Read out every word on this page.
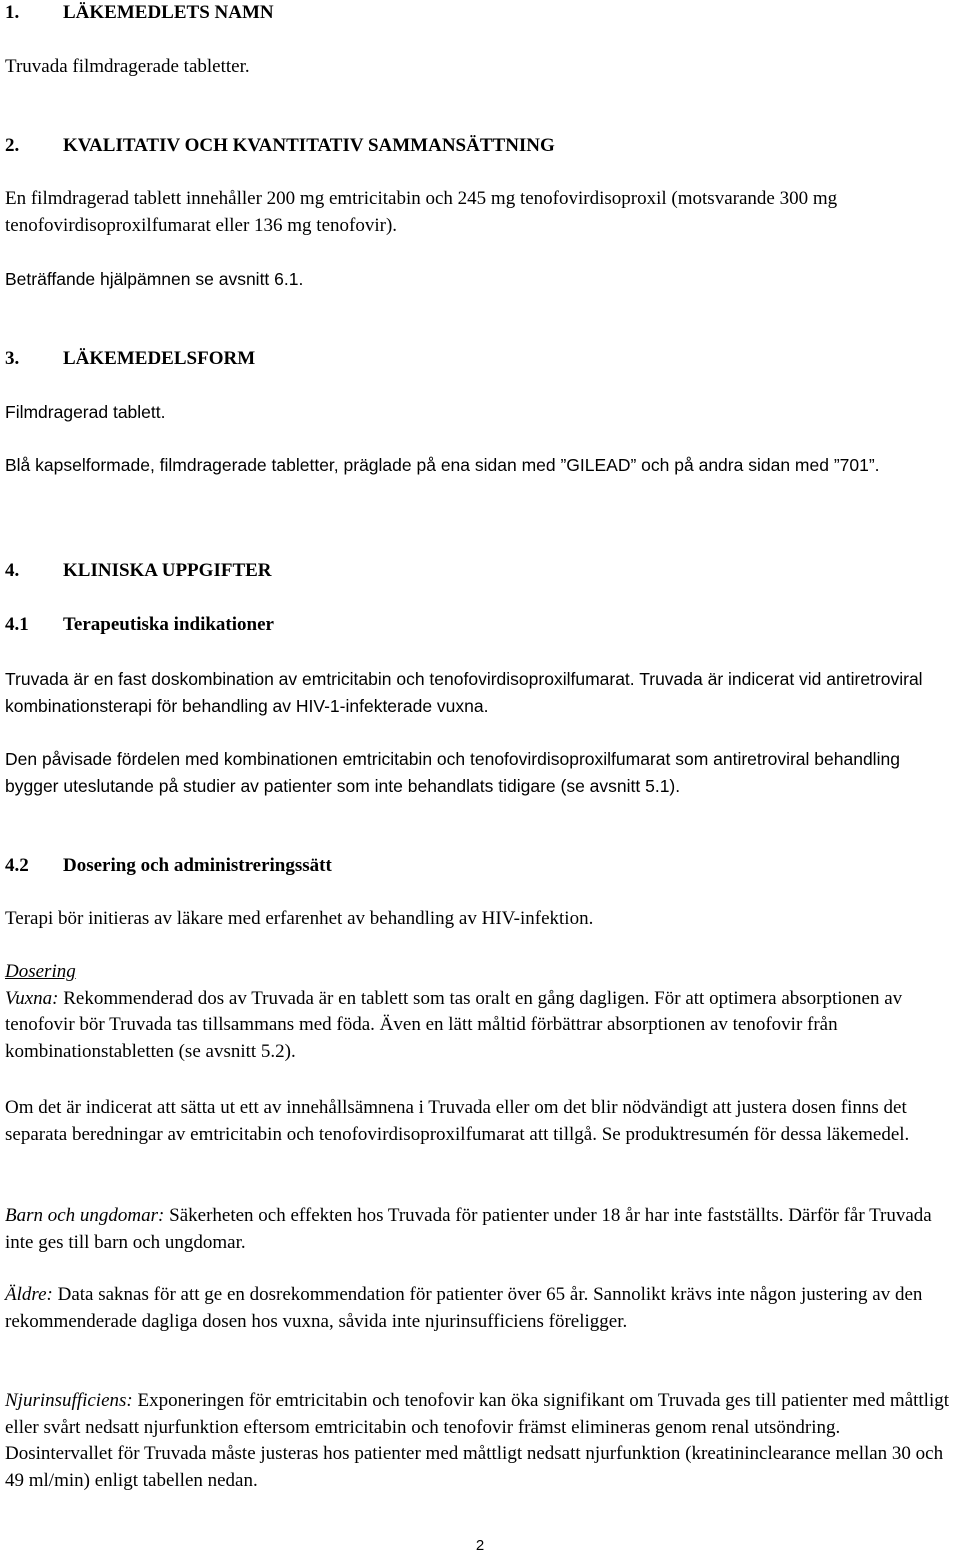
1. LÄKEMEDLETS NAMN
Truvada filmdragerade tabletter.
2. KVALITATIV OCH KVANTITATIV SAMMANSÄTTNING
En filmdragerad tablett innehåller 200 mg emtricitabin och 245 mg tenofovirdisoproxil (motsvarande 300 mg tenofovirdisoproxilfumarat eller 136 mg tenofovir).
Beträffande hjälpämnen se avsnitt 6.1.
3. LÄKEMEDELSFORM
Filmdragerad tablett.
Blå kapselformade, filmdragerade tabletter, präglade på ena sidan med ”GILEAD” och på andra sidan med ”701”.
4. KLINISKA UPPGIFTER
4.1 Terapeutiska indikationer
Truvada är en fast doskombination av emtricitabin och tenofovirdisoproxilfumarat. Truvada är indicerat vid antiretroviral kombinationsterapi för behandling av HIV-1-infekterade vuxna.
Den påvisade fördelen med kombinationen emtricitabin och tenofovirdisoproxilfumarat som antiretroviral behandling bygger uteslutande på studier av patienter som inte behandlats tidigare (se avsnitt 5.1).
4.2 Dosering och administreringssätt
Terapi bör initieras av läkare med erfarenhet av behandling av HIV-infektion.
Dosering
Vuxna: Rekommenderad dos av Truvada är en tablett som tas oralt en gång dagligen. För att optimera absorptionen av tenofovir bör Truvada tas tillsammans med föda. Även en lätt måltid förbättrar absorptionen av tenofovir från kombinationstabletten (se avsnitt 5.2).
Om det är indicerat att sätta ut ett av innehållsämnena i Truvada eller om det blir nödvändigt att justera dosen finns det separata beredningar av emtricitabin och tenofovirdisoproxilfumarat att tillgå. Se produktresumén för dessa läkemedel.
Barn och ungdomar: Säkerheten och effekten hos Truvada för patienter under 18 år har inte fastställts. Därför får Truvada inte ges till barn och ungdomar.
Äldre: Data saknas för att ge en dosrekommendation för patienter över 65 år. Sannolikt krävs inte någon justering av den rekommenderade dagliga dosen hos vuxna, såvida inte njurinsufficiens föreligger.
Njurinsufficiens: Exponeringen för emtricitabin och tenofovir kan öka signifikant om Truvada ges till patienter med måttligt eller svårt nedsatt njurfunktion eftersom emtricitabin och tenofovir främst elimineras genom renal utsöndring. Dosintervallet för Truvada måste justeras hos patienter med måttligt nedsatt njurfunktion (kreatininclearance mellan 30 och 49 ml/min) enligt tabellen nedan.
2
